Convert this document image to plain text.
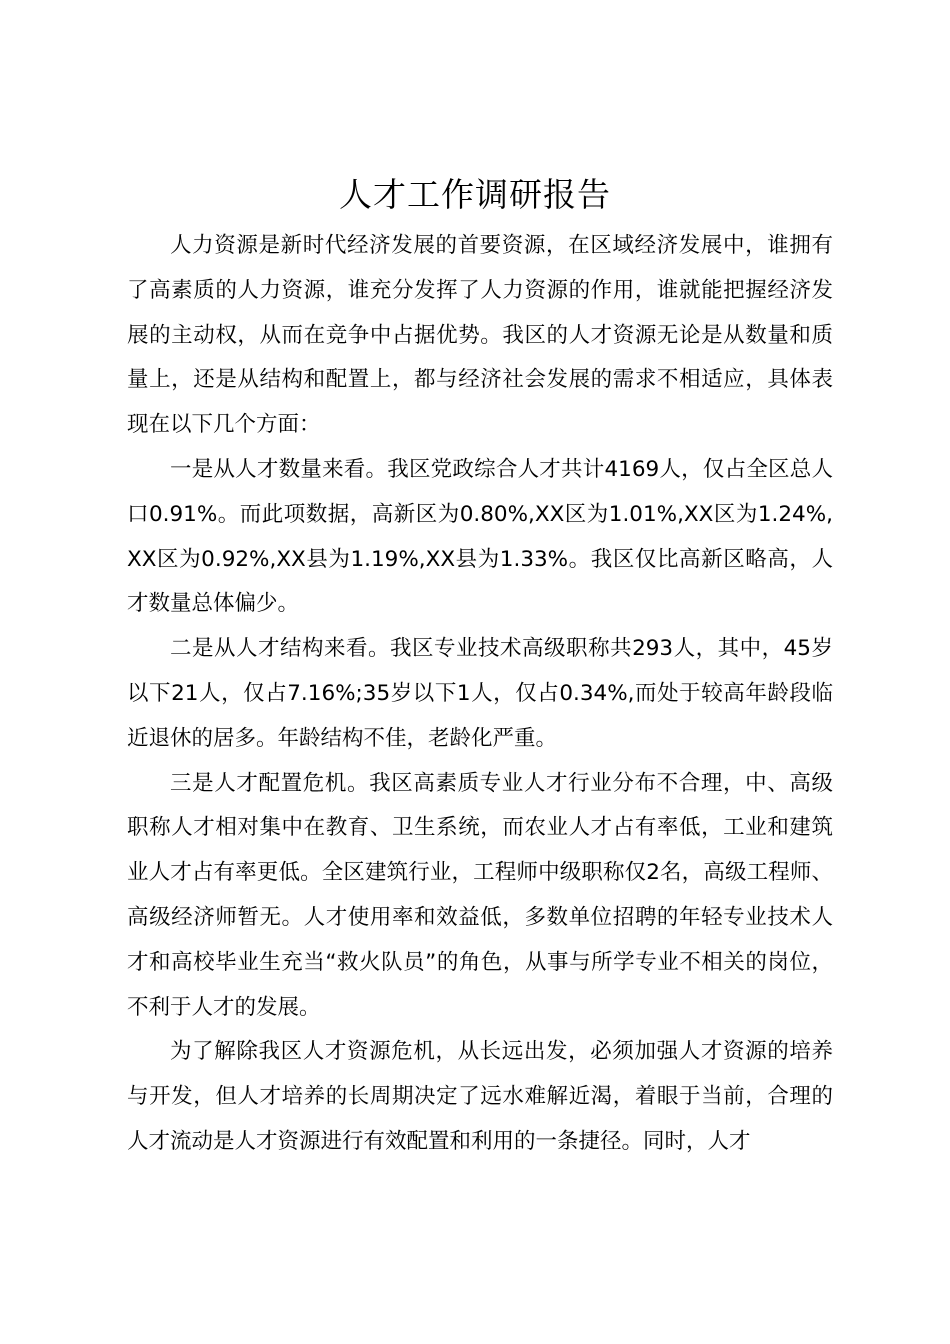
人才工作调研报告

人力资源是新时代经济发展的首要资源，在区域经济发展中，谁拥有了高素质的人力资源，谁充分发挥了人力资源的作用，谁就能把握经济发展的主动权，从而在竞争中占据优势。我区的人才资源无论是从数量和质量上，还是从结构和配置上，都与经济社会发展的需求不相适应，具体表现在以下几个方面：

一是从人才数量来看。我区党政综合人才共计4169人，仅占全区总人口0.91%。而此项数据，高新区为0.80%,XX区为1.01%,XX区为1.24%,XX区为0.92%,XX县为1.19%,XX县为1.33%。我区仅比高新区略高，人才数量总体偏少。

二是从人才结构来看。我区专业技术高级职称共293人，其中，45岁以下21人，仅占7.16%;35岁以下1人，仅占0.34%,而处于较高年龄段临近退休的居多。年龄结构不佳，老龄化严重。

三是人才配置危机。我区高素质专业人才行业分布不合理，中、高级职称人才相对集中在教育、卫生系统，而农业人才占有率低，工业和建筑业人才占有率更低。全区建筑行业，工程师中级职称仅2名，高级工程师、高级经济师暂无。人才使用率和效益低，多数单位招聘的年轻专业技术人才和高校毕业生充当“救火队员”的角色，从事与所学专业不相关的岗位，不利于人才的发展。

为了解除我区人才资源危机，从长远出发，必须加强人才资源的培养与开发，但人才培养的长周期决定了远水难解近渴，着眼于当前，合理的人才流动是人才资源进行有效配置和利用的一条捷径。同时，人才
